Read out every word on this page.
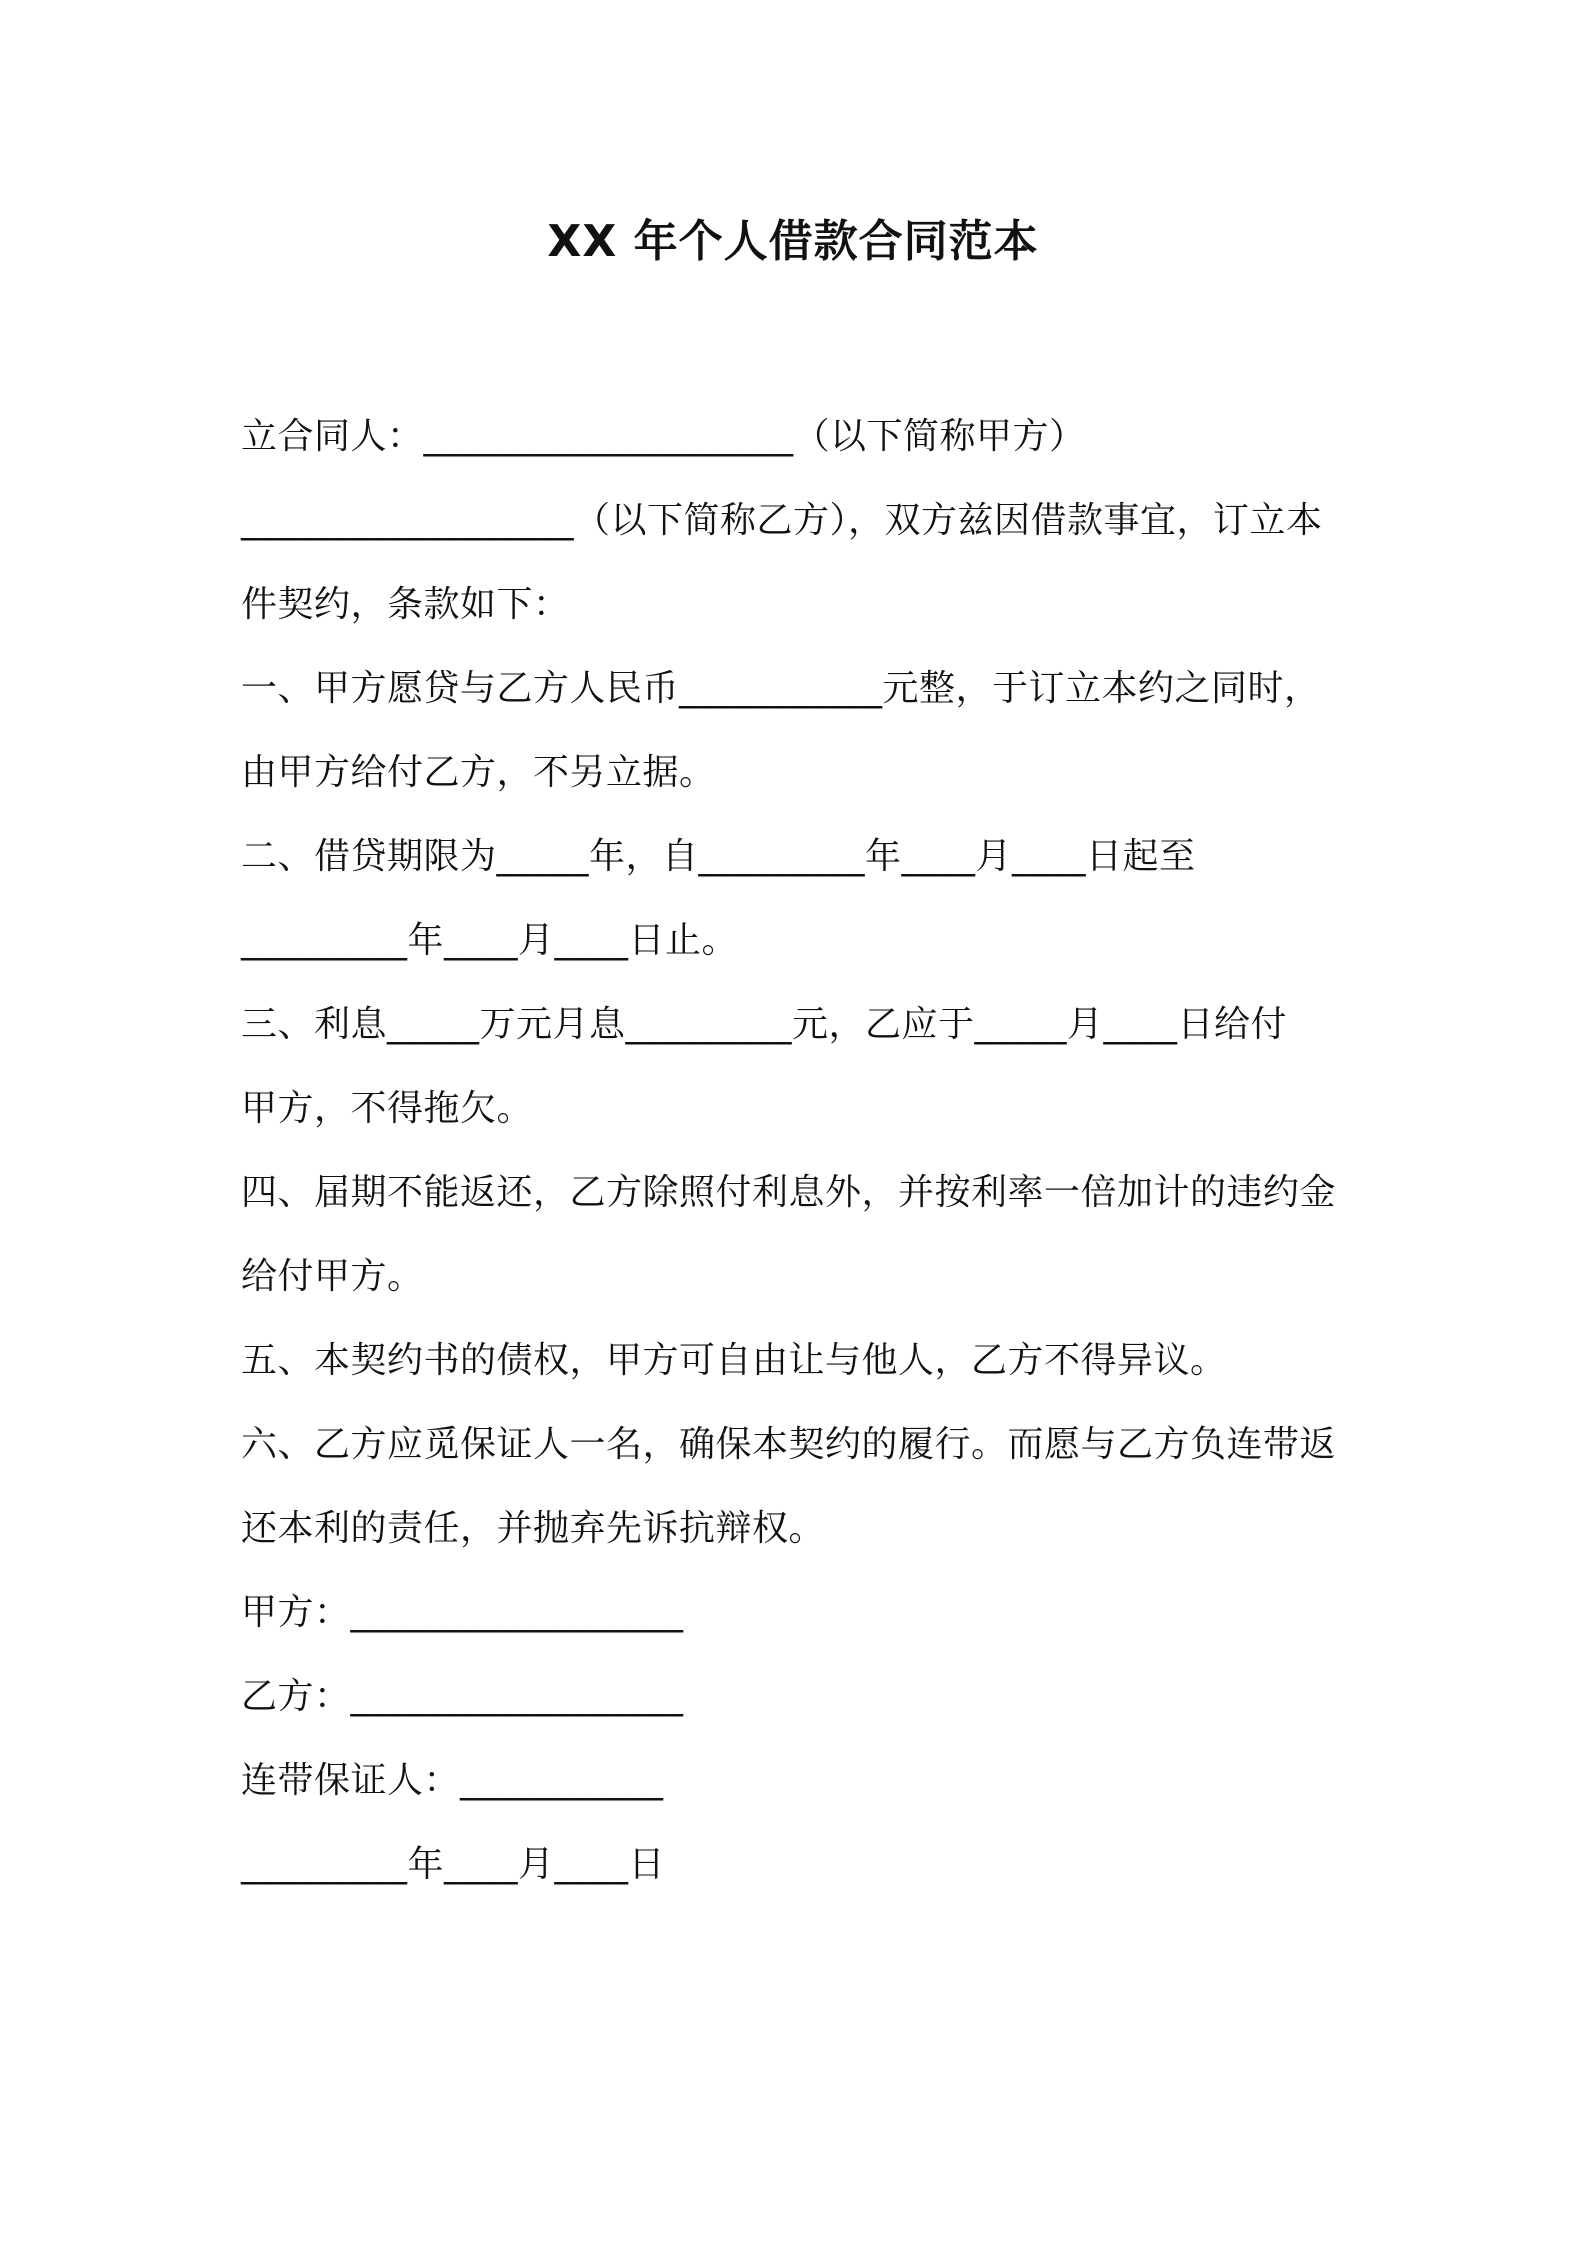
XX 年个人借款合同范本
立合同人：____________________（以下简称甲方）
__________________（以下简称乙方），双方兹因借款事宜，订立本
件契约，条款如下：
一、甲方愿贷与乙方人民币___________元整，于订立本约之同时，
由甲方给付乙方，不另立据。
二、借贷期限为_____年，自_________年____月____日起至
_________年____月____日止。
三、利息_____万元月息_________元，乙应于_____月____日给付
甲方，不得拖欠。
四、届期不能返还，乙方除照付利息外，并按利率一倍加计的违约金
给付甲方。
五、本契约书的债权，甲方可自由让与他人，乙方不得异议。
六、乙方应觅保证人一名，确保本契约的履行。而愿与乙方负连带返
还本利的责任，并抛弃先诉抗辩权。
甲方：__________________
乙方：__________________
连带保证人：___________
_________年____月____日
